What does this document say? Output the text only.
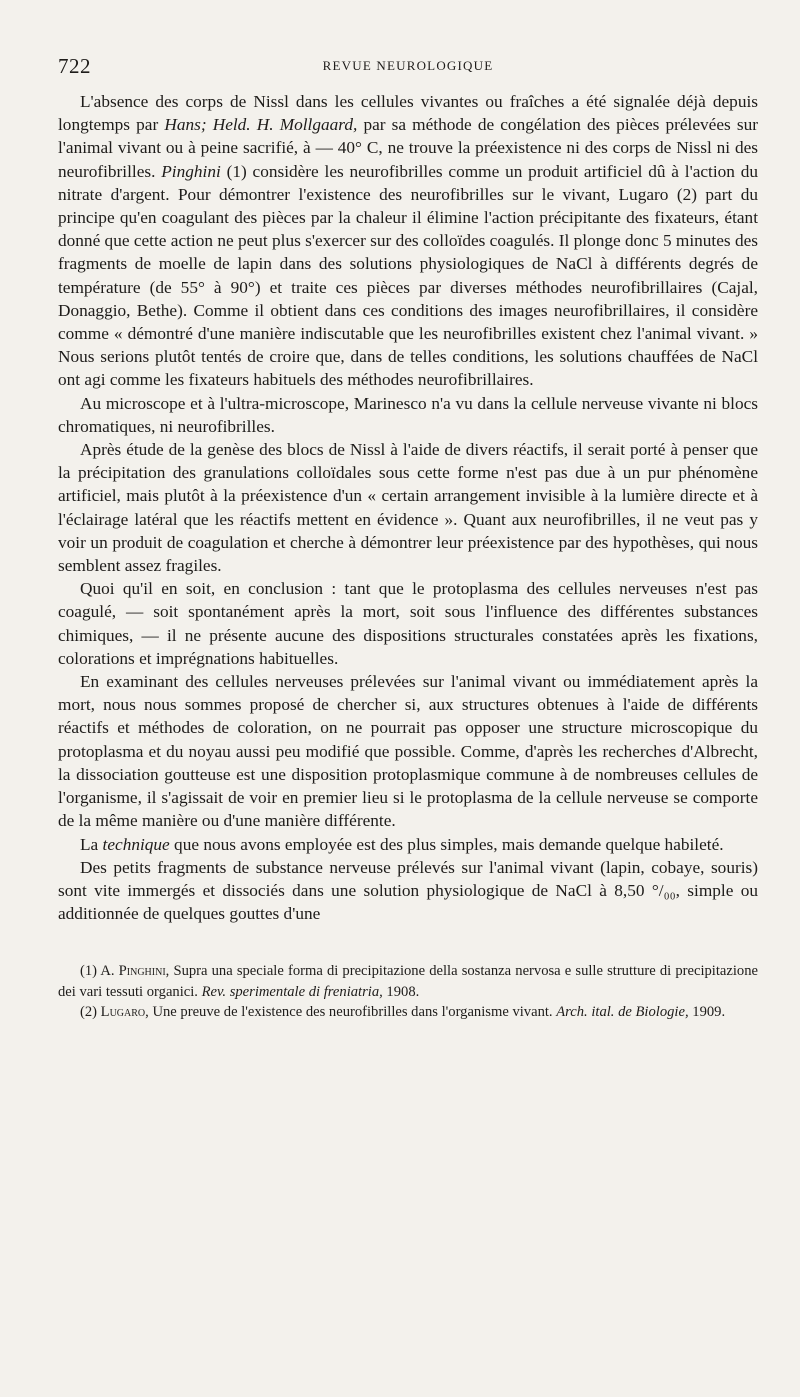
722	REVUE NEUROLOGIQUE

L'absence des corps de Nissl dans les cellules vivantes ou fraîches a été signalée déjà depuis longtemps par Hans; Held. H. Mollgaard, par sa méthode de congélation des pièces prélevées sur l'animal vivant ou à peine sacrifié, à — 40° C, ne trouve la préexistence ni des corps de Nissl ni des neurofibrilles. Pinghini (1) considère les neurofibrilles comme un produit artificiel dû à l'action du nitrate d'argent. Pour démontrer l'existence des neurofibrilles sur le vivant, Lugaro (2) part du principe qu'en coagulant des pièces par la chaleur il élimine l'action précipitante des fixateurs, étant donné que cette action ne peut plus s'exercer sur des colloïdes coagulés. Il plonge donc 5 minutes des fragments de moelle de lapin dans des solutions physiologiques de NaCl à différents degrés de température (de 55° à 90°) et traite ces pièces par diverses méthodes neurofibrillaires (Cajal, Donaggio, Bethe). Comme il obtient dans ces conditions des images neurofibrillaires, il considère comme « démontré d'une manière indiscutable que les neurofibrilles existent chez l'animal vivant. » Nous serions plutôt tentés de croire que, dans de telles conditions, les solutions chauffées de NaCl ont agi comme les fixateurs habituels des méthodes neurofibrillaires.

Au microscope et à l'ultra-microscope, Marinesco n'a vu dans la cellule nerveuse vivante ni blocs chromatiques, ni neurofibrilles.

Après étude de la genèse des blocs de Nissl à l'aide de divers réactifs, il serait porté à penser que la précipitation des granulations colloïdales sous cette forme n'est pas due à un pur phénomène artificiel, mais plutôt à la préexistence d'un « certain arrangement invisible à la lumière directe et à l'éclairage latéral que les réactifs mettent en évidence ». Quant aux neurofibrilles, il ne veut pas y voir un produit de coagulation et cherche à démontrer leur préexistence par des hypothèses, qui nous semblent assez fragiles.

Quoi qu'il en soit, en conclusion : tant que le protoplasma des cellules nerveuses n'est pas coagulé, — soit spontanément après la mort, soit sous l'influence des différentes substances chimiques, — il ne présente aucune des dispositions structurales constatées après les fixations, colorations et imprégnations habituelles.

En examinant des cellules nerveuses prélevées sur l'animal vivant ou immédiatement après la mort, nous nous sommes proposé de chercher si, aux structures obtenues à l'aide de différents réactifs et méthodes de coloration, on ne pourrait pas opposer une structure microscopique du protoplasma et du noyau aussi peu modifié que possible. Comme, d'après les recherches d'Albrecht, la dissociation goutteuse est une disposition protoplasmique commune à de nombreuses cellules de l'organisme, il s'agissait de voir en premier lieu si le protoplasma de la cellule nerveuse se comporte de la même manière ou d'une manière différente.

La technique que nous avons employée est des plus simples, mais demande quelque habileté.

Des petits fragments de substance nerveuse prélevés sur l'animal vivant (lapin, cobaye, souris) sont vite immergés et dissociés dans une solution physiologique de NaCl à 8,50 °/₀₀, simple ou additionnée de quelques gouttes d'une

(1) A. Pinghini, Supra una speciale forma di precipitazione della sostanza nervosa e sulle strutture di precipitazione dei vari tessuti organici. Rev. sperimentale di freniatria, 1908.

(2) Lugaro, Une preuve de l'existence des neurofibrilles dans l'organisme vivant. Arch. ital. de Biologie, 1909.
